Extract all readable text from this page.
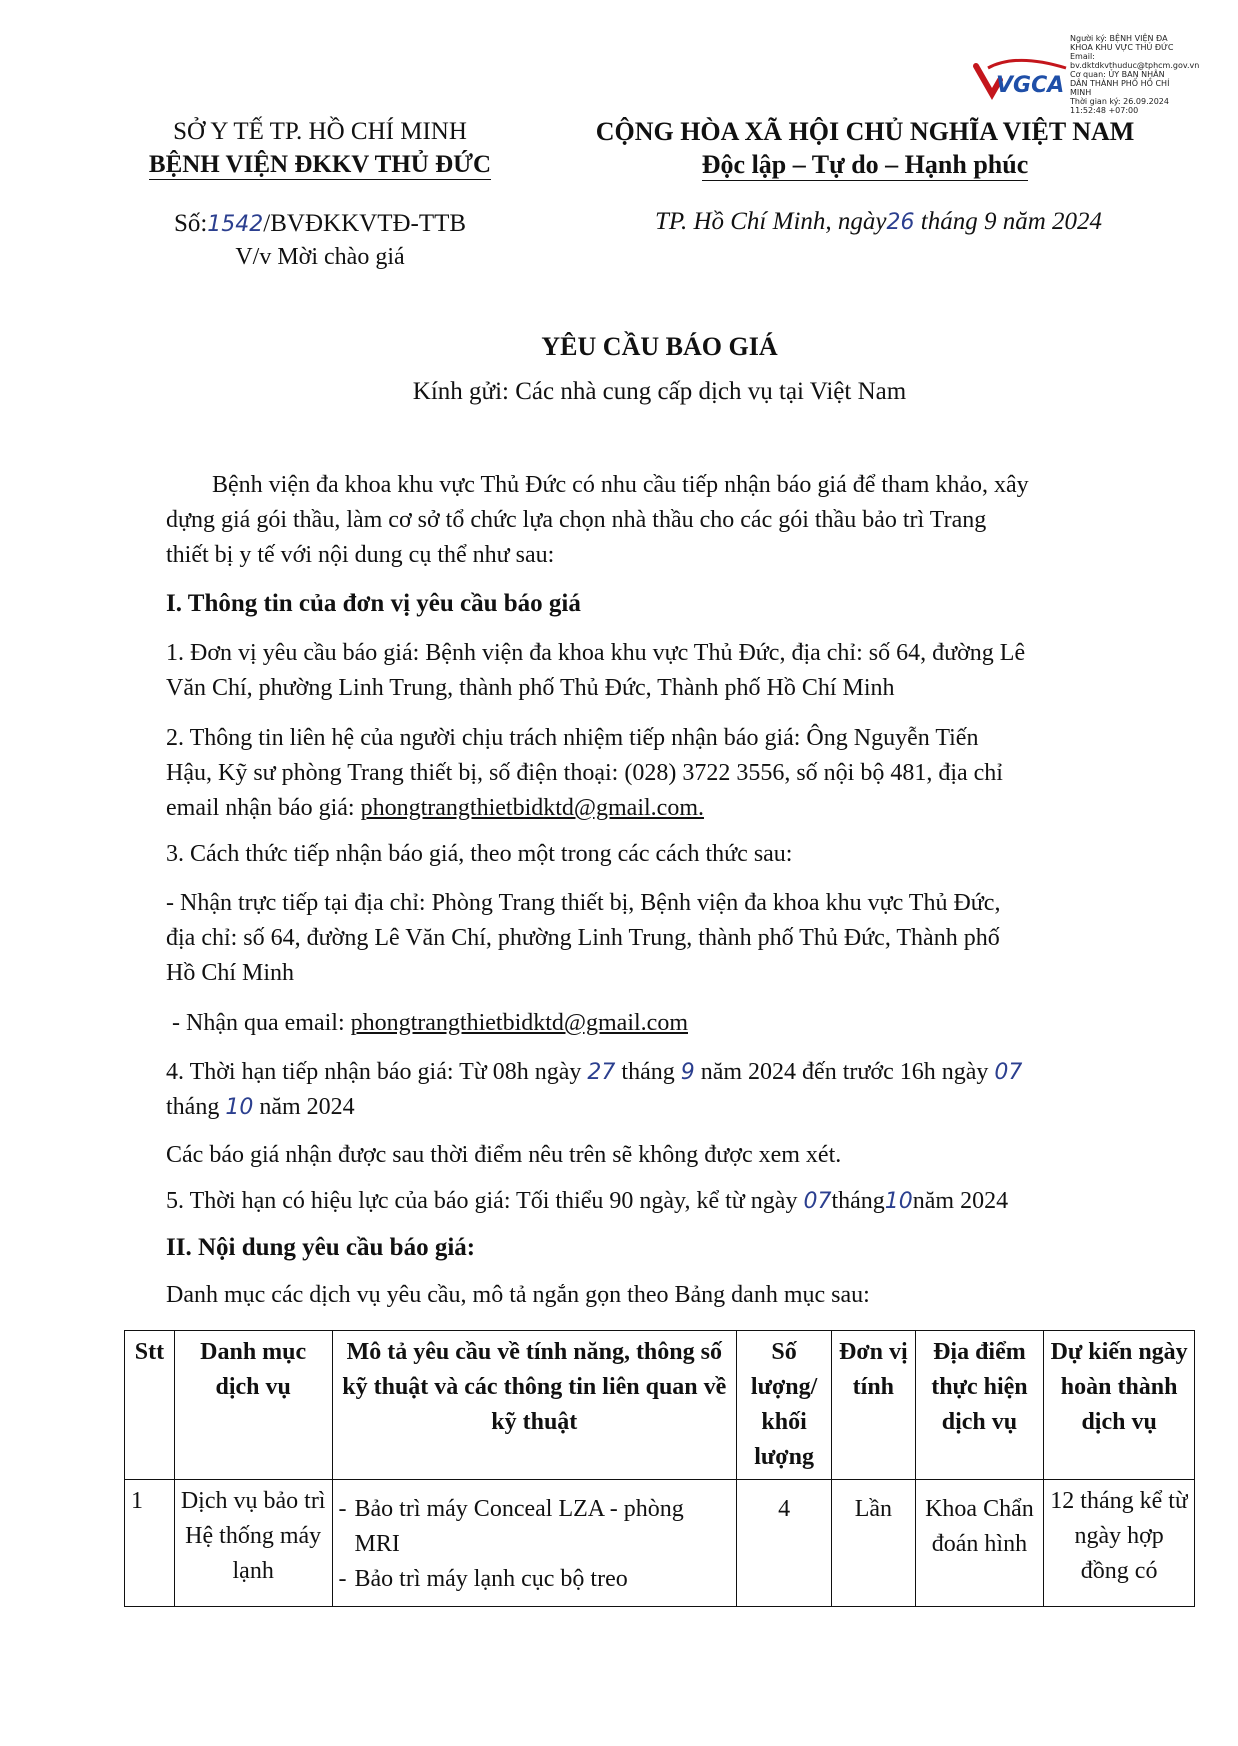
VGCA
Người ký: BỆNH VIỆN ĐA
KHOA KHU VỰC THỦ ĐỨC
Email:
bv.dktdkvthuduc@tphcm.gov.vn
Cơ quan: ỦY BAN NHÂN
DÂN THÀNH PHỐ HỒ CHÍ
MINH
Thời gian ký: 26.09.2024
11:52:48 +07:00
SỞ Y TẾ TP. HỒ CHÍ MINH
BỆNH VIỆN ĐKKV THỦ ĐỨC
CỘNG HÒA XÃ HỘI CHỦ NGHĨA VIỆT NAM
Độc lập – Tự do – Hạnh phúc
Số:1542/BVĐKKVTĐ-TTB
V/v Mời chào giá
TP. Hồ Chí Minh, ngày26 tháng 9 năm 2024
YÊU CẦU BÁO GIÁ
Kính gửi: Các nhà cung cấp dịch vụ tại Việt Nam
Bệnh viện đa khoa khu vực Thủ Đức có nhu cầu tiếp nhận báo giá để tham khảo, xây
dựng giá gói thầu, làm cơ sở tổ chức lựa chọn nhà thầu cho các gói thầu bảo trì Trang
thiết bị y tế với nội dung cụ thể như sau:
I. Thông tin của đơn vị yêu cầu báo giá
1. Đơn vị yêu cầu báo giá: Bệnh viện đa khoa khu vực Thủ Đức, địa chỉ: số 64, đường Lê
Văn Chí, phường Linh Trung, thành phố Thủ Đức, Thành phố Hồ Chí Minh
2. Thông tin liên hệ của người chịu trách nhiệm tiếp nhận báo giá: Ông Nguyễn Tiến
Hậu, Kỹ sư phòng Trang thiết bị, số điện thoại: (028) 3722 3556, số nội bộ 481, địa chỉ
email nhận báo giá: phongtrangthietbidktd@gmail.com.
3. Cách thức tiếp nhận báo giá, theo một trong các cách thức sau:
- Nhận trực tiếp tại địa chỉ: Phòng Trang thiết bị, Bệnh viện đa khoa khu vực Thủ Đức,
địa chỉ: số 64, đường Lê Văn Chí, phường Linh Trung, thành phố Thủ Đức, Thành phố
Hồ Chí Minh
- Nhận qua email: phongtrangthietbidktd@gmail.com
4. Thời hạn tiếp nhận báo giá: Từ 08h ngày 27 tháng 9 năm 2024 đến trước 16h ngày 07
tháng 10 năm 2024
Các báo giá nhận được sau thời điểm nêu trên sẽ không được xem xét.
5. Thời hạn có hiệu lực của báo giá: Tối thiểu 90 ngày, kể từ ngày 07tháng10năm 2024
II. Nội dung yêu cầu báo giá:
Danh mục các dịch vụ yêu cầu, mô tả ngắn gọn theo Bảng danh mục sau:
Stt	Danh mục dịch vụ	Mô tả yêu cầu về tính năng, thông số kỹ thuật và các thông tin liên quan về kỹ thuật	Số lượng/ khối lượng	Đơn vị tính	Địa điểm thực hiện dịch vụ	Dự kiến ngày hoàn thành dịch vụ

1	Dịch vụ bảo trì Hệ thống máy lạnh	- Bảo trì máy Conceal LZA - phòng MRI
- Bảo trì máy lạnh cục bộ treo	4	Lần	Khoa Chẩn đoán hình	12 tháng kể từ ngày hợp đồng có
